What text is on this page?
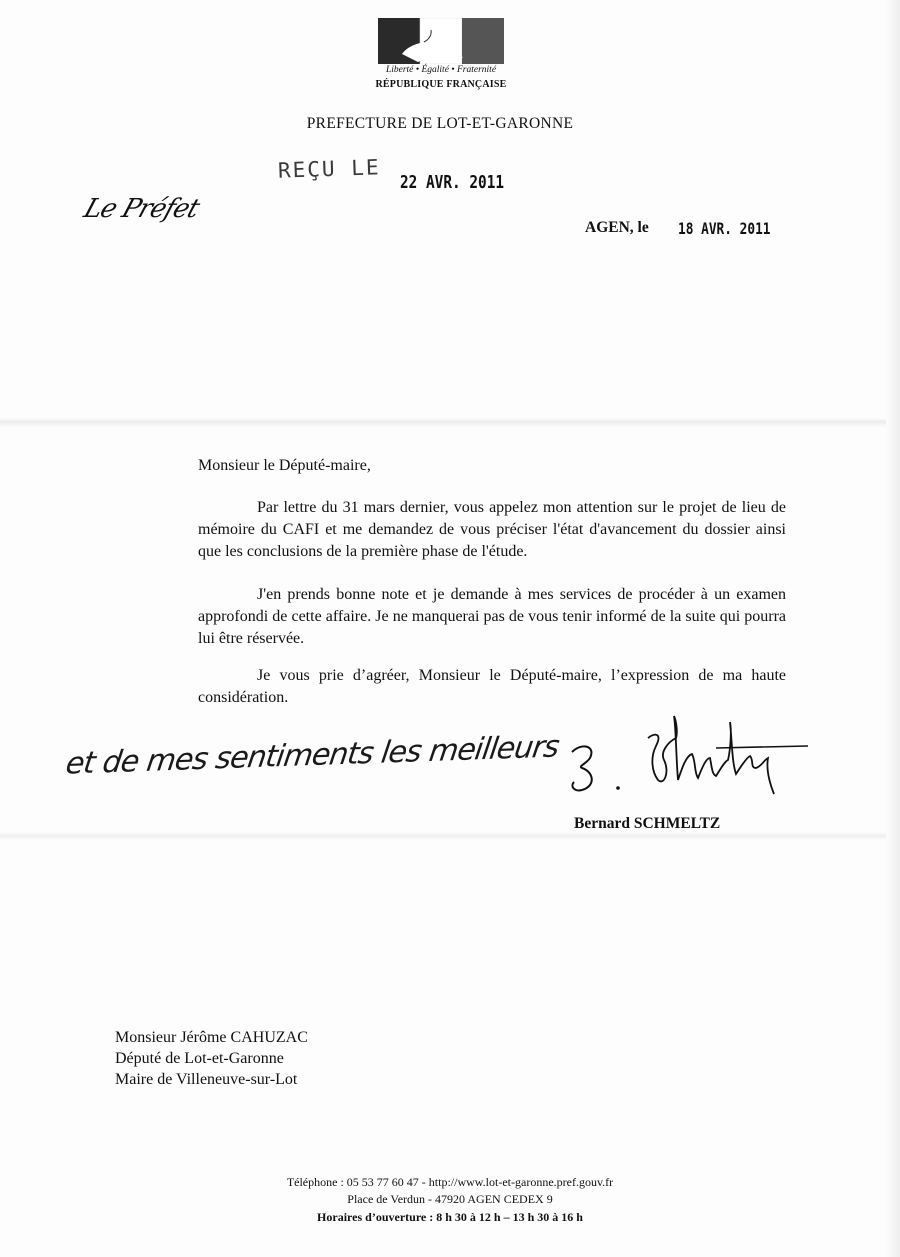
Liberté • Égalité • Fraternité
RÉPUBLIQUE FRANÇAISE
PREFECTURE DE LOT-ET-GARONNE
REÇU LE 22 AVR. 2011
Le Préfet
AGEN, le 18 AVR. 2011
Monsieur le Député-maire,
Par lettre du 31 mars dernier, vous appelez mon attention sur le projet de lieu de mémoire du CAFI et me demandez de vous préciser l'état d'avancement du dossier ainsi que les conclusions de la première phase de l'étude.
J'en prends bonne note et je demande à mes services de procéder à un examen approfondi de cette affaire. Je ne manquerai pas de vous tenir informé de la suite qui pourra lui être réservée.
Je vous prie d’agréer, Monsieur le Député-maire, l’expression de ma haute considération.
et de mes sentiments les meilleurs
Bernard SCHMELTZ
Monsieur Jérôme CAHUZAC
Député de Lot-et-Garonne
Maire de Villeneuve-sur-Lot
Téléphone : 05 53 77 60 47 - http://www.lot-et-garonne.pref.gouv.fr
Place de Verdun - 47920 AGEN CEDEX 9
Horaires d’ouverture : 8 h 30 à 12 h – 13 h 30 à 16 h
